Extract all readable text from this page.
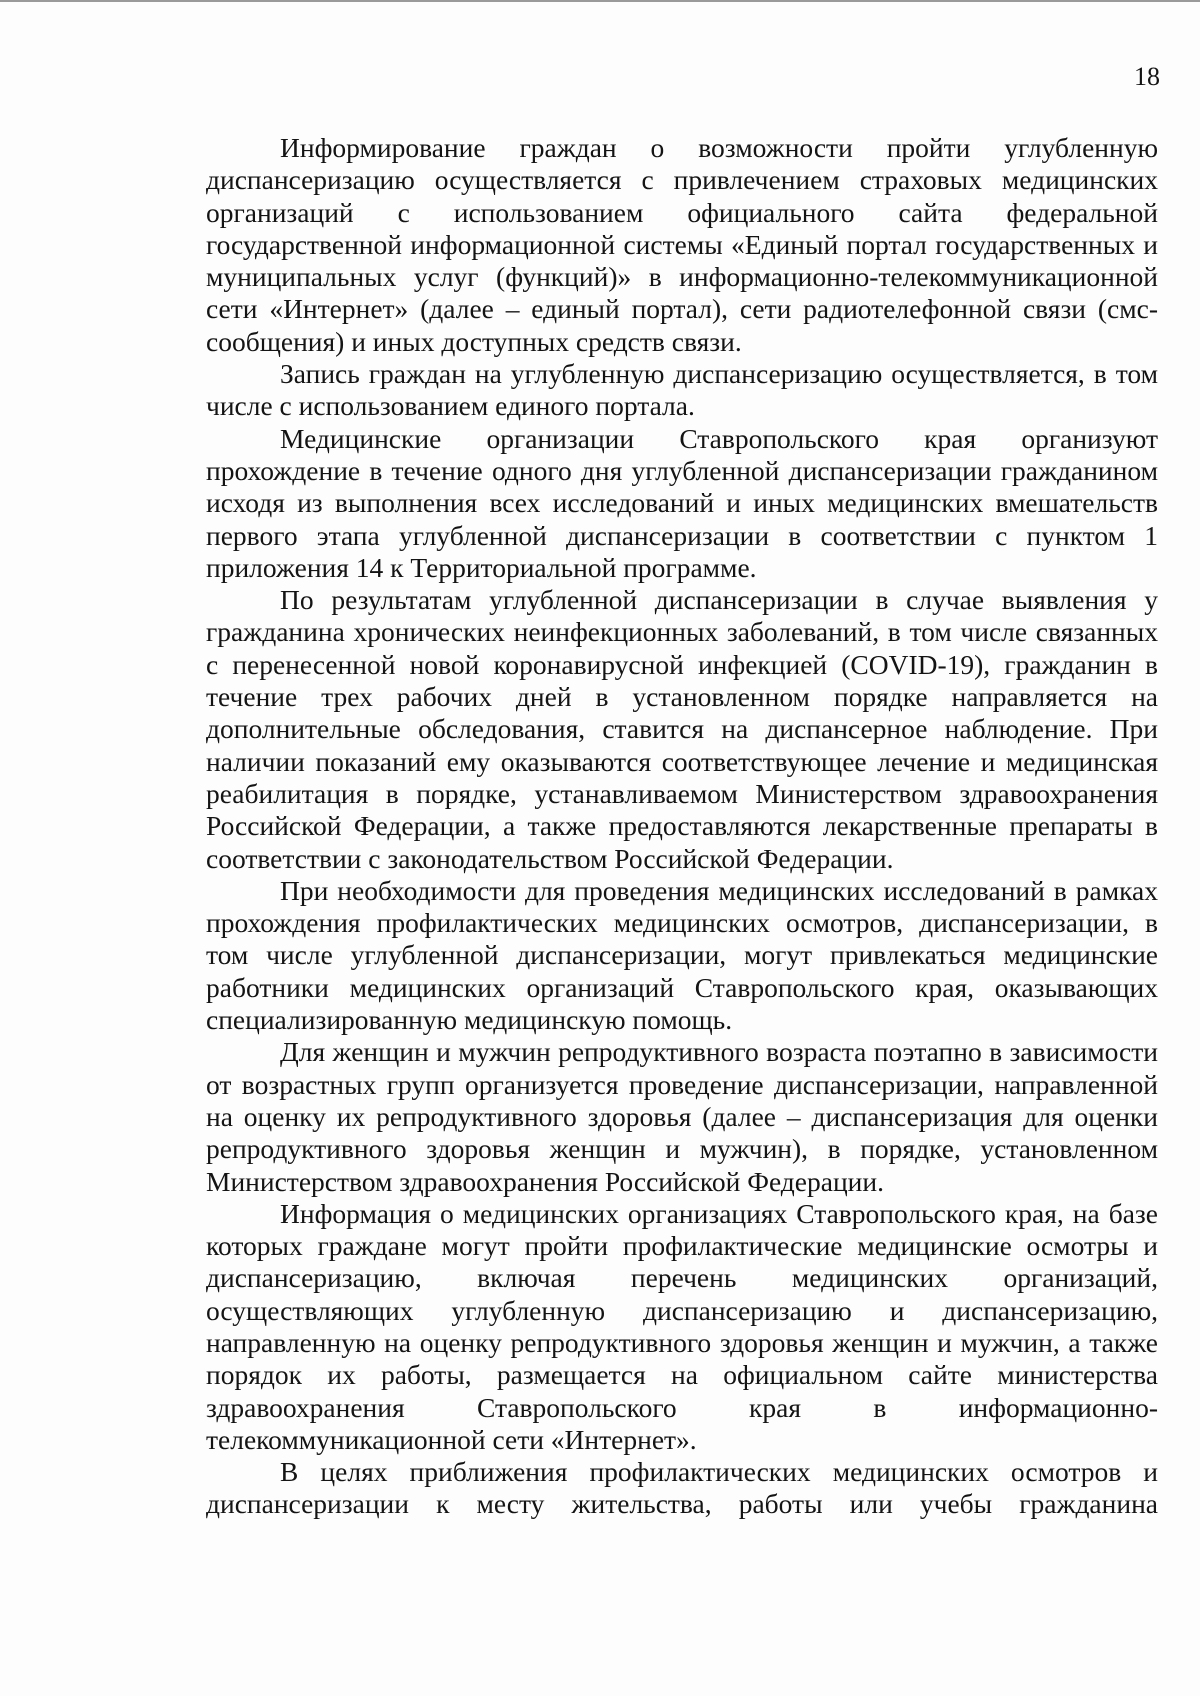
18

Информирование граждан о возможности пройти углубленную диспансеризацию осуществляется с привлечением страховых медицинских организаций с использованием официального сайта федеральной государственной информационной системы «Единый портал государственных и муниципальных услуг (функций)» в информационно-телекоммуникационной сети «Интернет» (далее – единый портал), сети радиотелефонной связи (смс-сообщения) и иных доступных средств связи.

Запись граждан на углубленную диспансеризацию осуществляется, в том числе с использованием единого портала.

Медицинские организации Ставропольского края организуют прохождение в течение одного дня углубленной диспансеризации гражданином исходя из выполнения всех исследований и иных медицинских вмешательств первого этапа углубленной диспансеризации в соответствии с пунктом 1 приложения 14 к Территориальной программе.

По результатам углубленной диспансеризации в случае выявления у гражданина хронических неинфекционных заболеваний, в том числе связанных с перенесенной новой коронавирусной инфекцией (COVID-19), гражданин в течение трех рабочих дней в установленном порядке направляется на дополнительные обследования, ставится на диспансерное наблюдение. При наличии показаний ему оказываются соответствующее лечение и медицинская реабилитация в порядке, устанавливаемом Министерством здравоохранения Российской Федерации, а также предоставляются лекарственные препараты в соответствии с законодательством Российской Федерации.

При необходимости для проведения медицинских исследований в рамках прохождения профилактических медицинских осмотров, диспансеризации, в том числе углубленной диспансеризации, могут привлекаться медицинские работники медицинских организаций Ставропольского края, оказывающих специализированную медицинскую помощь.

Для женщин и мужчин репродуктивного возраста поэтапно в зависимости от возрастных групп организуется проведение диспансеризации, направленной на оценку их репродуктивного здоровья (далее – диспансеризация для оценки репродуктивного здоровья женщин и мужчин), в порядке, установленном Министерством здравоохранения Российской Федерации.

Информация о медицинских организациях Ставропольского края, на базе которых граждане могут пройти профилактические медицинские осмотры и диспансеризацию, включая перечень медицинских организаций, осуществляющих углубленную диспансеризацию и диспансеризацию, направленную на оценку репродуктивного здоровья женщин и мужчин, а также порядок их работы, размещается на официальном сайте министерства здравоохранения Ставропольского края в информационно-телекоммуникационной сети «Интернет».

В целях приближения профилактических медицинских осмотров и диспансеризации к месту жительства, работы или учебы гражданина
